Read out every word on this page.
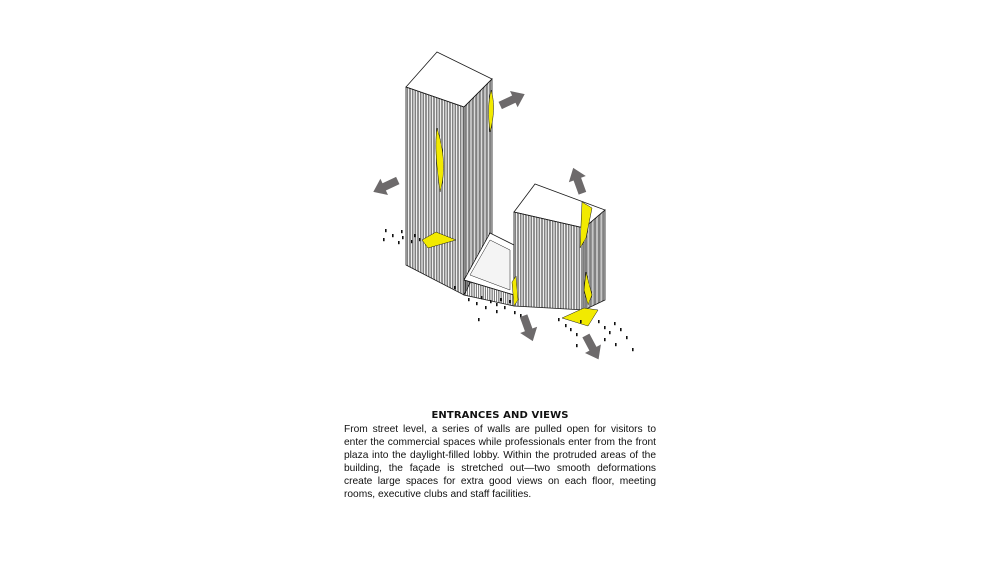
ENTRANCES AND VIEWS

From street level, a series of walls are pulled open for visitors to enter the commercial spaces while professionals enter from the front plaza into the daylight-filled lobby. Within the protruded areas of the building, the façade is stretched out—two smooth deformations create large spaces for extra good views on each floor, meeting rooms, executive clubs and staff facilities.
